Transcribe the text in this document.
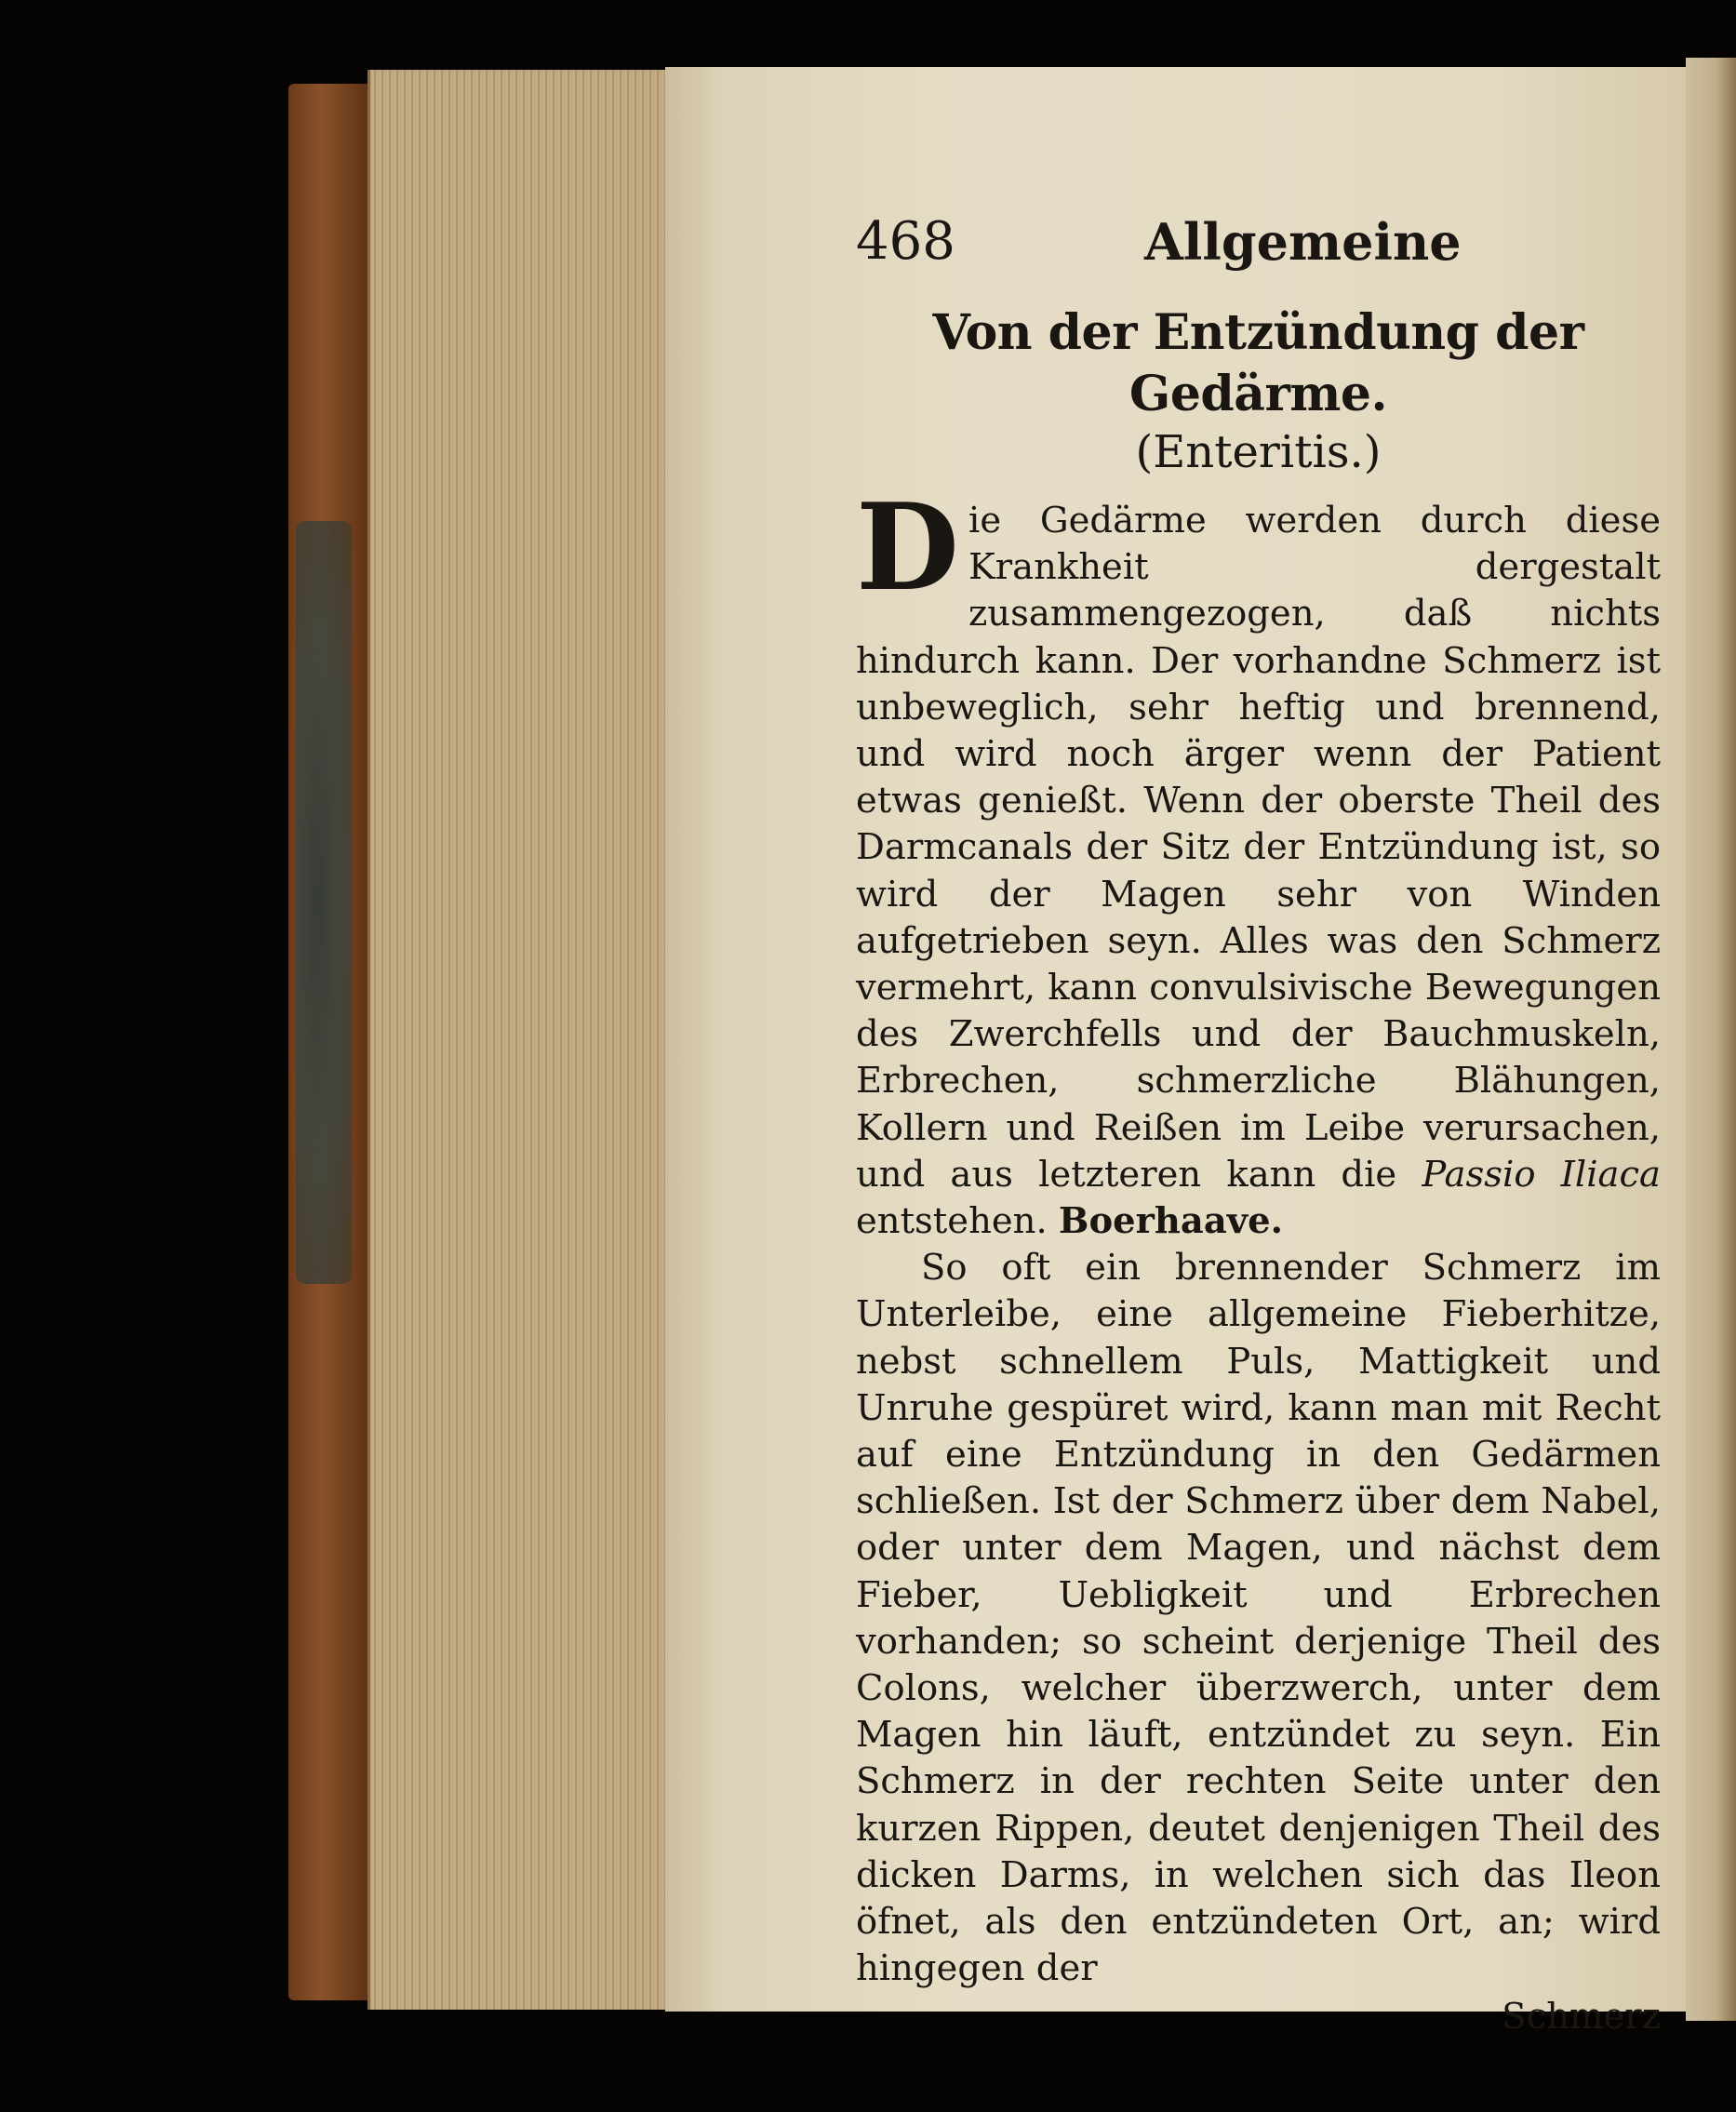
468	Allgemeine
Von der Entzündung der Gedärme.
(Enteritis.)

Die Gedärme werden durch diese Krankheit dergestalt zusammengezogen, daß nichts hindurch kann. Der vorhandne Schmerz ist unbeweglich, sehr heftig und brennend, und wird noch ärger wenn der Patient etwas genießt. Wenn der oberste Theil des Darmcanals der Sitz der Entzündung ist, so wird der Magen sehr von Winden aufgetrieben seyn. Alles was den Schmerz vermehrt, kann convulsivische Bewegungen des Zwerchfells und der Bauchmuskeln, Erbrechen, schmerzliche Blähungen, Kollern und Reißen im Leibe verursachen, und aus letzteren kann die Passio Iliaca entstehen. Boerhaave.

So oft ein brennender Schmerz im Unterleibe, eine allgemeine Fieberhitze, nebst schnellem Puls, Mattigkeit und Unruhe gespüret wird, kann man mit Recht auf eine Entzündung in den Gedärmen schließen. Ist der Schmerz über dem Nabel, oder unter dem Magen, und nächst dem Fieber, Uebligkeit und Erbrechen vorhanden; so scheint derjenige Theil des Colons, welcher überzwerch, unter dem Magen hin läuft, entzündet zu seyn. Ein Schmerz in der rechten Seite unter den kurzen Rippen, deutet denjenigen Theil des dicken Darms, in welchen sich das Ileon öfnet, als den entzündeten Ort, an; wird hingegen der

Schmerz
